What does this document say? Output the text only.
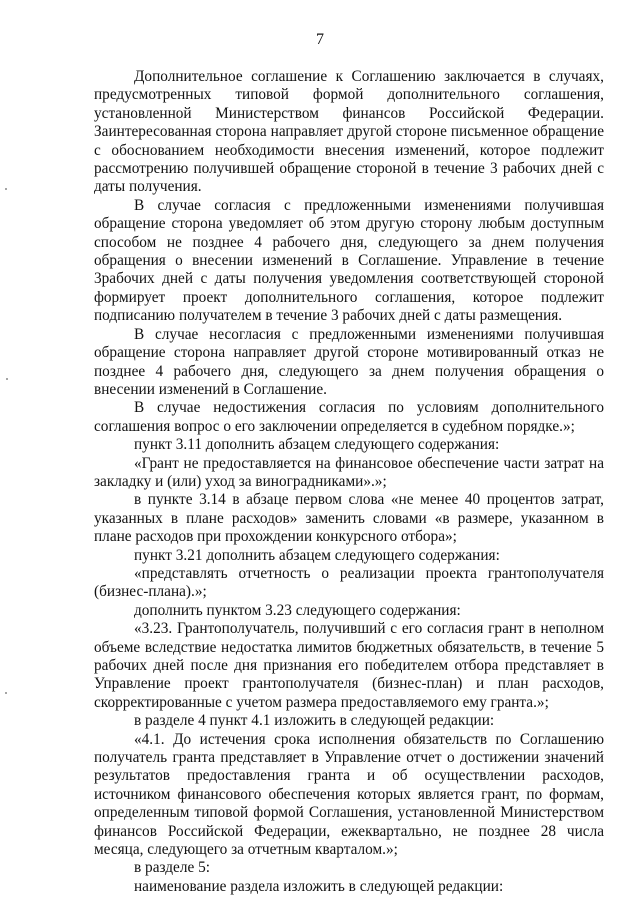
7

Дополнительное соглашение к Соглашению заключается в случаях, предусмотренных типовой формой дополнительного соглашения, установленной Министерством финансов Российской Федерации. Заинтересованная сторона направляет другой стороне письменное обращение с обоснованием необходимости внесения изменений, которое подлежит рассмотрению получившей обращение стороной в течение 3 рабочих дней с даты получения.

В случае согласия с предложенными изменениями получившая обращение сторона уведомляет об этом другую сторону любым доступным способом не позднее 4 рабочего дня, следующего за днем получения обращения о внесении изменений в Соглашение. Управление в течение 3рабочих дней с даты получения уведомления соответствующей стороной формирует проект дополнительного соглашения, которое подлежит подписанию получателем в течение 3 рабочих дней с даты размещения.

В случае несогласия с предложенными изменениями получившая обращение сторона направляет другой стороне мотивированный отказ не позднее 4 рабочего дня, следующего за днем получения обращения о внесении изменений в Соглашение.

В случае недостижения согласия по условиям дополнительного соглашения вопрос о его заключении определяется в судебном порядке.»;

пункт 3.11 дополнить абзацем следующего содержания:

«Грант не предоставляется на финансовое обеспечение части затрат на закладку и (или) уход за виноградниками».»;

в пункте 3.14 в абзаце первом слова «не менее 40 процентов затрат, указанных в плане расходов» заменить словами «в размере, указанном в плане расходов при прохождении конкурсного отбора»;

пункт 3.21 дополнить абзацем следующего содержания:

«представлять отчетность о реализации проекта грантополучателя (бизнес-плана).»;

дополнить пунктом 3.23 следующего содержания:

«3.23. Грантополучатель, получивший с его согласия грант в неполном объеме вследствие недостатка лимитов бюджетных обязательств, в течение 5 рабочих дней после дня признания его победителем отбора представляет в Управление проект грантополучателя (бизнес-план) и план расходов, скорректированные с учетом размера предоставляемого ему гранта.»;

в разделе 4 пункт 4.1 изложить в следующей редакции:

«4.1. До истечения срока исполнения обязательств по Соглашению получатель гранта представляет в Управление отчет о достижении значений результатов предоставления гранта и об осуществлении расходов, источником финансового обеспечения которых является грант, по формам, определенным типовой формой Соглашения, установленной Министерством финансов Российской Федерации, ежеквартально, не позднее 28 числа месяца, следующего за отчетным кварталом.»;

в разделе 5:

наименование раздела изложить в следующей редакции:
